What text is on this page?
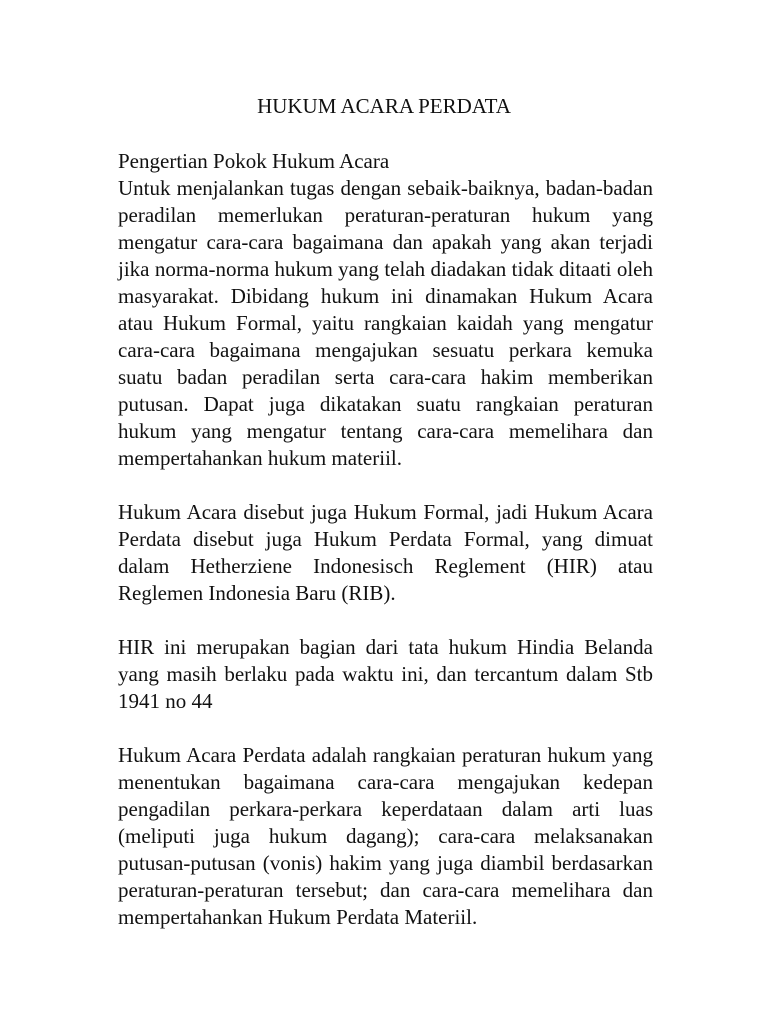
HUKUM ACARA PERDATA

Pengertian Pokok Hukum Acara

Untuk menjalankan tugas dengan sebaik-baiknya, badan-badan peradilan memerlukan peraturan-peraturan hukum yang mengatur cara-cara bagaimana dan apakah yang akan terjadi jika norma-norma hukum yang telah diadakan tidak ditaati oleh masyarakat. Dibidang hukum ini dinamakan Hukum Acara atau Hukum Formal, yaitu rangkaian kaidah yang mengatur cara-cara bagaimana mengajukan sesuatu perkara kemuka suatu badan peradilan serta cara-cara hakim memberikan putusan. Dapat juga dikatakan suatu rangkaian peraturan hukum yang mengatur tentang cara-cara memelihara dan mempertahankan hukum materiil.

Hukum Acara disebut juga Hukum Formal, jadi Hukum Acara Perdata disebut juga Hukum Perdata Formal, yang dimuat dalam Hetherziene Indonesisch Reglement (HIR) atau Reglemen Indonesia Baru (RIB).

HIR ini merupakan bagian dari tata hukum Hindia Belanda yang masih berlaku pada waktu ini, dan tercantum dalam Stb 1941 no 44

Hukum Acara Perdata adalah rangkaian peraturan hukum yang menentukan bagaimana cara-cara mengajukan kedepan pengadilan perkara-perkara keperdataan dalam arti luas (meliputi juga hukum dagang); cara-cara melaksanakan putusan-putusan (vonis) hakim yang juga diambil berdasarkan peraturan-peraturan tersebut; dan cara-cara memelihara dan mempertahankan Hukum Perdata Materiil.
